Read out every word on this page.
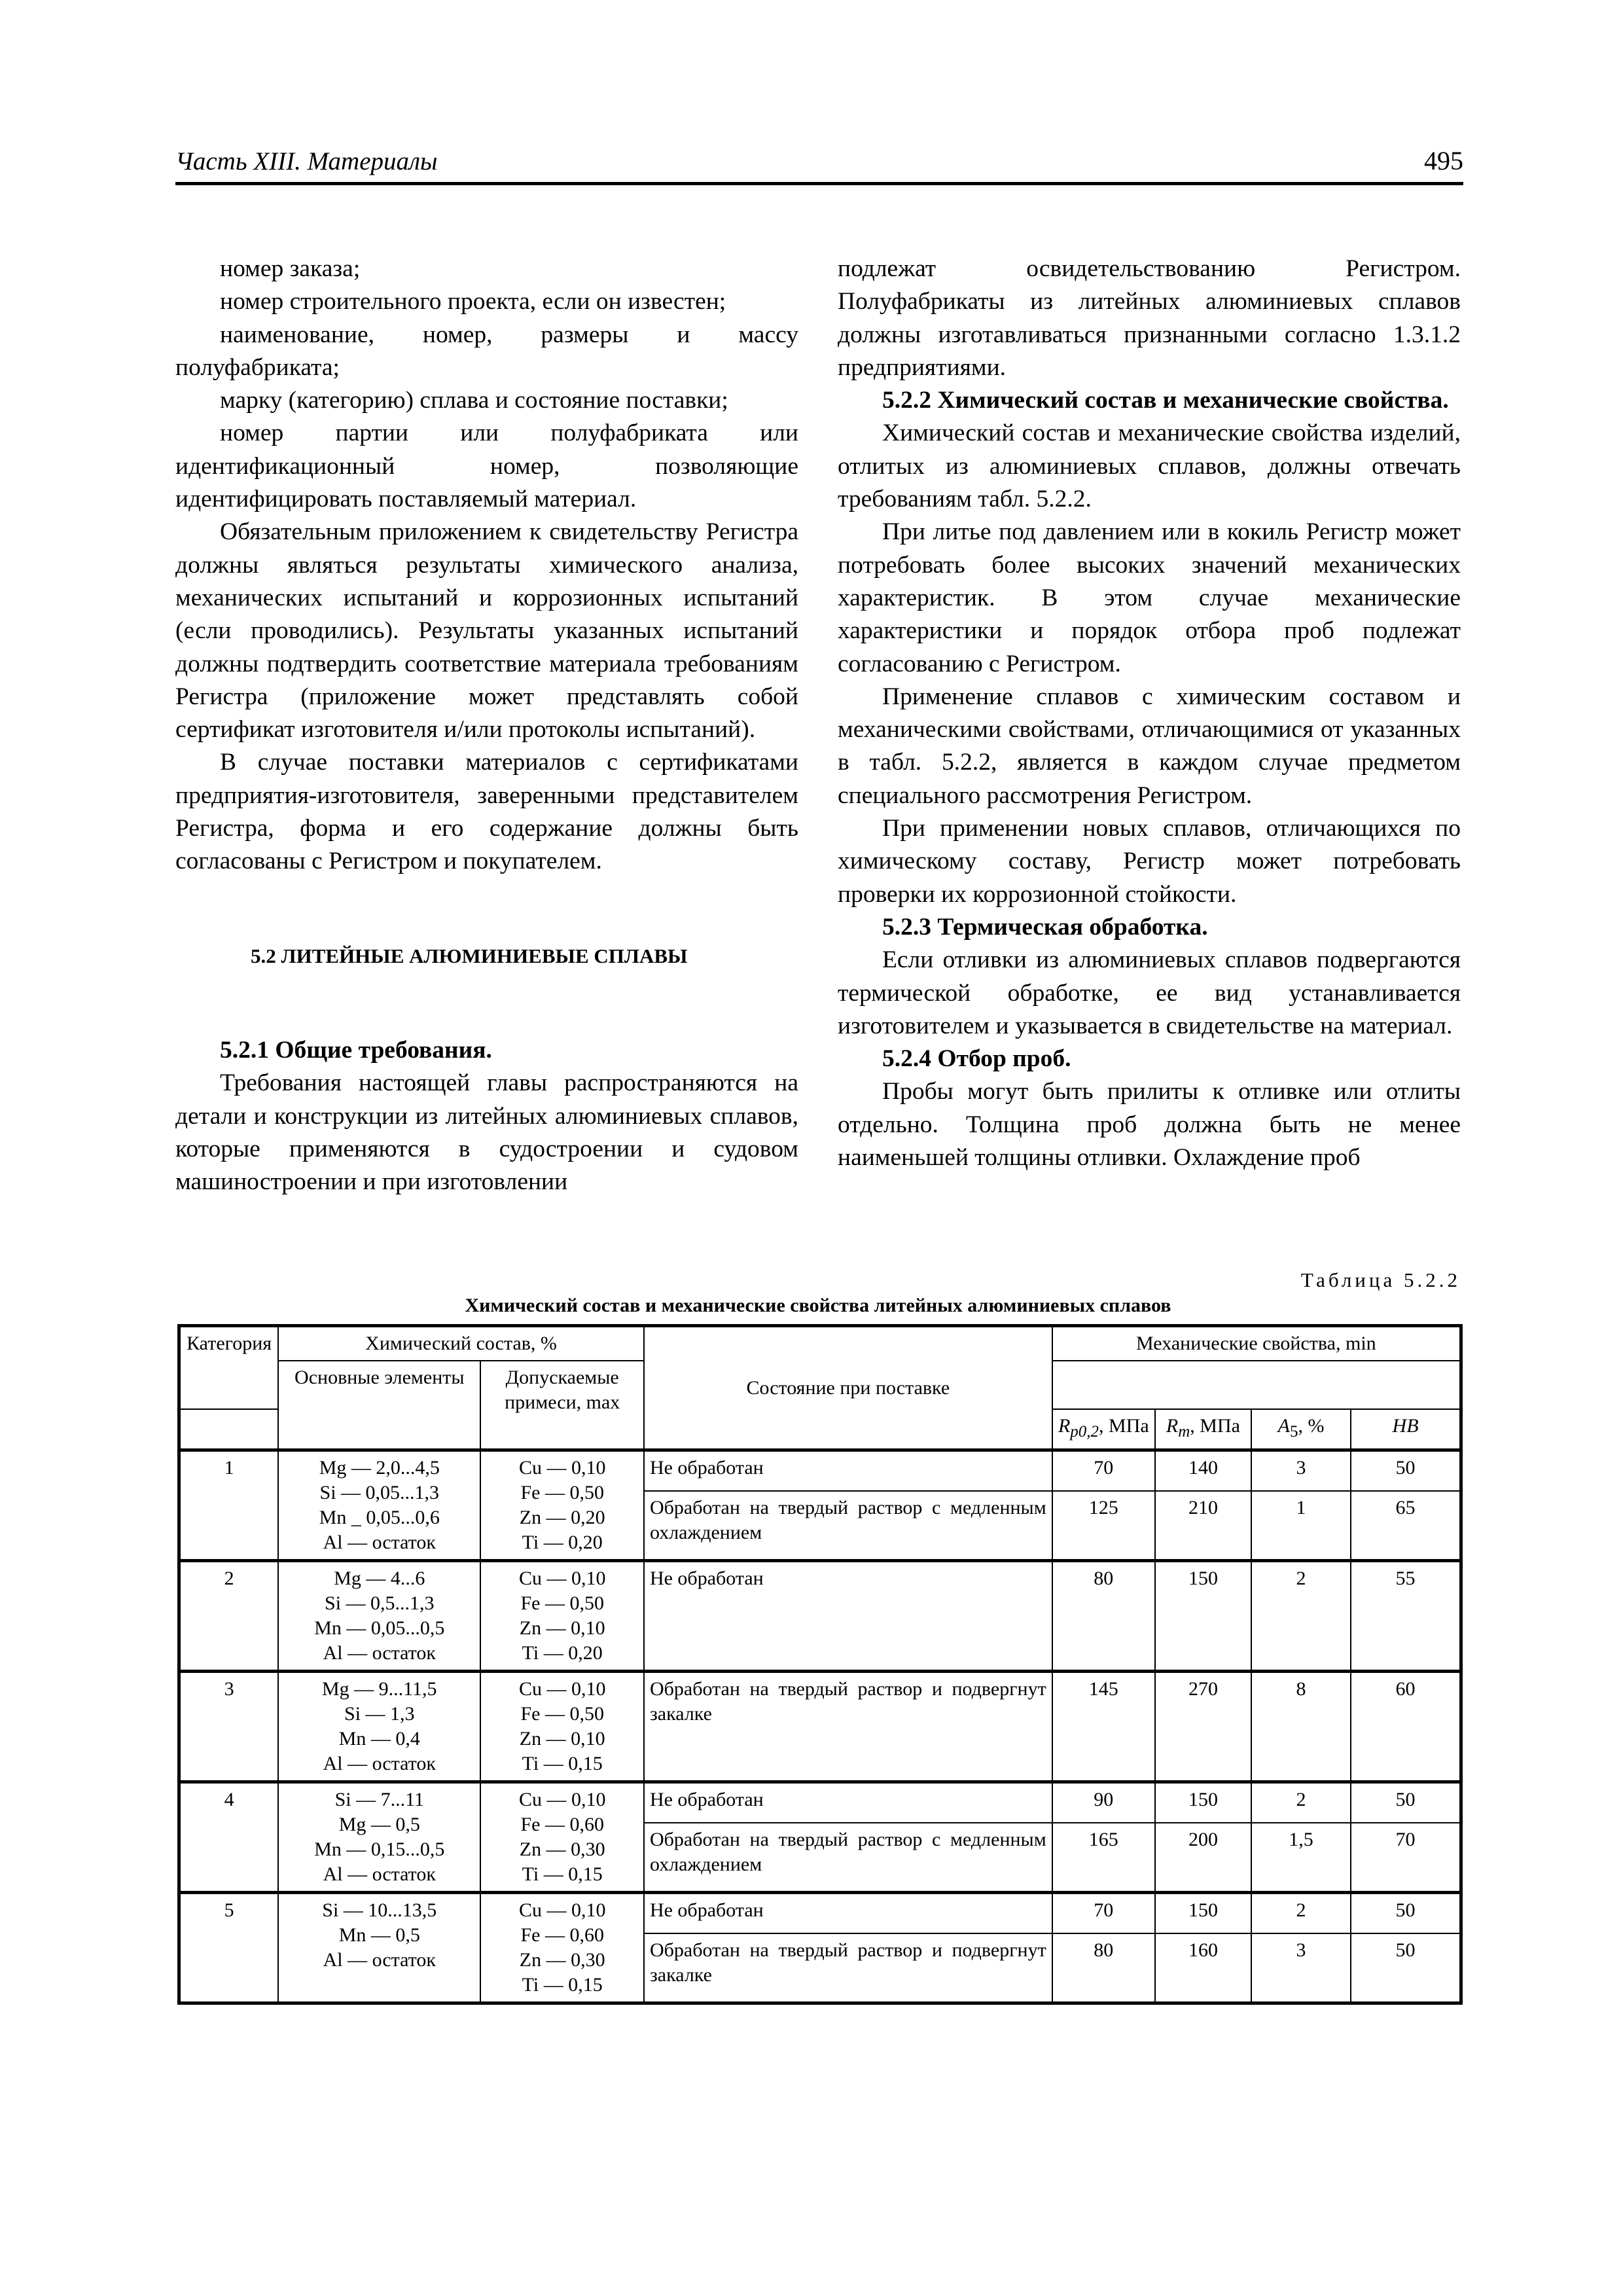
Часть XIII. Материалы	495

номер заказа;

номер строительного проекта, если он известен;

наименование, номер, размеры и массу полуфабриката;

марку (категорию) сплава и состояние поставки;

номер партии или полуфабриката или идентификационный номер, позволяющие идентифицировать поставляемый материал.

Обязательным приложением к свидетельству Регистра должны являться результаты химического анализа, механических испытаний и коррозионных испытаний (если проводились). Результаты указанных испытаний должны подтвердить соответствие материала требованиям Регистра (приложение может представлять собой сертификат изготовителя и/или протоколы испытаний).

В случае поставки материалов с сертификатами предприятия-изготовителя, заверенными представителем Регистра, форма и его содержание должны быть согласованы с Регистром и покупателем.

5.2 ЛИТЕЙНЫЕ АЛЮМИНИЕВЫЕ СПЛАВЫ
5.2.1 Общие требования.

Требования настоящей главы распространяются на детали и конструкции из литейных алюминиевых сплавов, которые применяются в судостроении и судовом машиностроении и при изготовлении

подлежат освидетельствованию Регистром. Полуфабрикаты из литейных алюминиевых сплавов должны изготавливаться признанными согласно 1.3.1.2 предприятиями.

5.2.2 Химический состав и механические свойства.

Химический состав и механические свойства изделий, отлитых из алюминиевых сплавов, должны отвечать требованиям табл. 5.2.2.

При литье под давлением или в кокиль Регистр может потребовать более высоких значений механических характеристик. В этом случае механические характеристики и порядок отбора проб подлежат согласованию с Регистром.

Применение сплавов с химическим составом и механическими свойствами, отличающимися от указанных в табл. 5.2.2, является в каждом случае предметом специального рассмотрения Регистром.

При применении новых сплавов, отличающихся по химическому составу, Регистр может потребовать проверки их коррозионной стойкости.

5.2.3 Термическая обработка.

Если отливки из алюминиевых сплавов подвергаются термической обработке, ее вид устанавливается изготовителем и указывается в свидетельстве на материал.

5.2.4 Отбор проб.

Пробы могут быть прилиты к отливке или отлиты отдельно. Толщина проб должна быть не менее наименьшей толщины отливки. Охлаждение проб

Таблица 5.2.2
Химический состав и механические свойства литейных алюминиевых сплавов
Категория	Химический состав, %		Состояние при поставке	Механические свойства, min			
	Основные элементы	Допускаемые примеси, max					
				$R_{p0,2}$, МПа	$R_m$, МПа	$A_5$, %	HB
1	Mg — 2,0...4,5
Si — 0,05...1,3
Mn _ 0,05...0,6
Al — остаток	Cu — 0,10
Fe — 0,50
Zn — 0,20
Ti — 0,20	Не обработан	70	140	3	50
			Обработан на твердый раствор с медленным охлаждением	125	210	1	65
2	Mg — 4...6
Si — 0,5...1,3
Mn — 0,05...0,5
Al — остаток	Cu — 0,10
Fe — 0,50
Zn — 0,10
Ti — 0,20	Не обработан	80	150	2	55
3	Mg — 9...11,5
Si — 1,3
Mn — 0,4
Al — остаток	Cu — 0,10
Fe — 0,50
Zn — 0,10
Ti — 0,15	Обработан на твердый раствор и подвергнут закалке	145	270	8	60
4	Si — 7...11
Mg — 0,5
Mn — 0,15...0,5
Al — остаток	Cu — 0,10
Fe — 0,60
Zn — 0,30
Ti — 0,15	Не обработан	90	150	2	50
			Обработан на твердый раствор с медленным охлаждением	165	200	1,5	70
5	Si — 10...13,5
Mn — 0,5
Al — остаток	Cu — 0,10
Fe — 0,60
Zn — 0,30
Ti — 0,15	Не обработан	70	150	2	50
			Обработан на твердый раствор и подвергнут закалке	80	160	3	50
